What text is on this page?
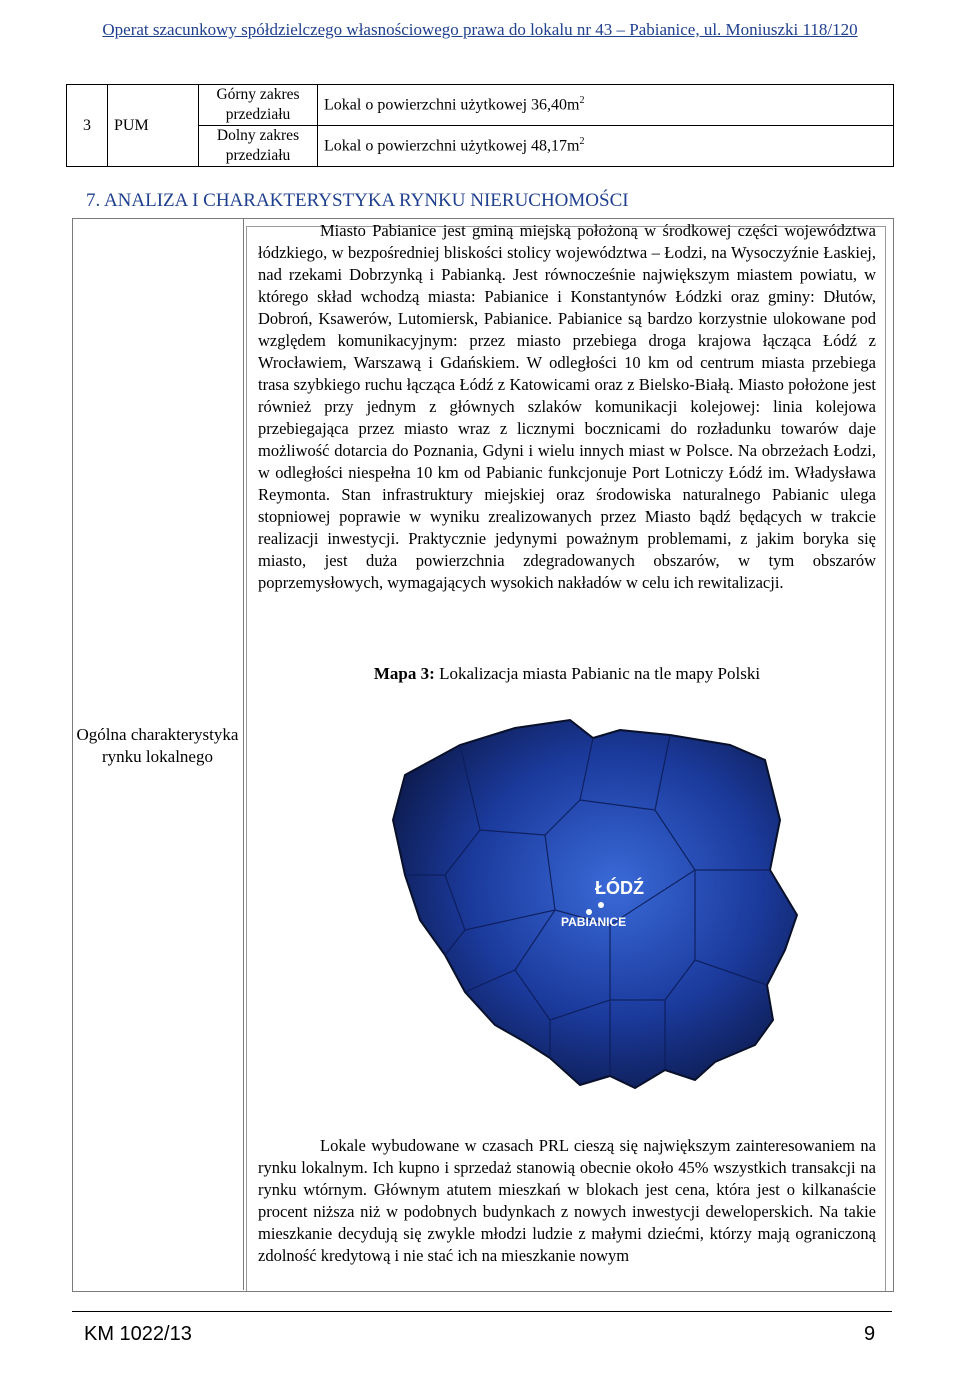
Operat szacunkowy spółdzielczego własnościowego prawa do lokalu nr 43 – Pabianice, ul. Moniuszki 118/120
3	PUM	Górny zakres przedziału	Lokal o powierzchni użytkowej $36,40m^2$
		Dolny zakres przedziału	Lokal o powierzchni użytkowej $48,17m^2$
7. ANALIZA I CHARAKTERYSTYKA RYNKU NIERUCHOMOŚCI
Ogólna charakterystyka rynku lokalnego
Miasto Pabianice jest gminą miejską położoną w środkowej części województwa łódzkiego, w bezpośredniej bliskości stolicy województwa – Łodzi, na Wysoczyźnie Łaskiej, nad rzekami Dobrzynką i Pabianką. Jest równocześnie największym miastem powiatu, w którego skład wchodzą miasta: Pabianice i Konstantynów Łódzki oraz gminy: Dłutów, Dobroń, Ksawerów, Lutomiersk, Pabianice. Pabianice są bardzo korzystnie ulokowane pod względem komunikacyjnym: przez miasto przebiega droga krajowa łącząca Łódź z Wrocławiem, Warszawą i Gdańskiem. W odległości 10 km od centrum miasta przebiega trasa szybkiego ruchu łącząca Łódź z Katowicami oraz z Bielsko-Białą. Miasto położone jest również przy jednym z głównych szlaków komunikacji kolejowej: linia kolejowa przebiegająca przez miasto wraz z licznymi bocznicami do rozładunku towarów daje możliwość dotarcia do Poznania, Gdyni i wielu innych miast w Polsce. Na obrzeżach Łodzi, w odległości niespełna 10 km od Pabianic funkcjonuje Port Lotniczy Łódź im. Władysława Reymonta. Stan infrastruktury miejskiej oraz środowiska naturalnego Pabianic ulega stopniowej poprawie w wyniku zrealizowanych przez Miasto bądź będących w trakcie realizacji inwestycji. Praktycznie jedynymi poważnym problemami, z jakim boryka się miasto, jest duża powierzchnia zdegradowanych obszarów, w tym obszarów poprzemysłowych, wymagających wysokich nakładów w celu ich rewitalizacji.
Mapa 3: Lokalizacja miasta Pabianic na tle mapy Polski
ŁÓDŹ
PABIANICE
Lokale wybudowane w czasach PRL cieszą się największym zainteresowaniem na rynku lokalnym. Ich kupno i sprzedaż stanowią obecnie około 45% wszystkich transakcji na rynku wtórnym. Głównym atutem mieszkań w blokach jest cena, która jest o kilkanaście procent niższa niż w podobnych budynkach z nowych inwestycji deweloperskich. Na takie mieszkanie decydują się zwykle młodzi ludzie z małymi dziećmi, którzy mają ograniczoną zdolność kredytową i nie stać ich na mieszkanie nowym
KM 1022/13	9
